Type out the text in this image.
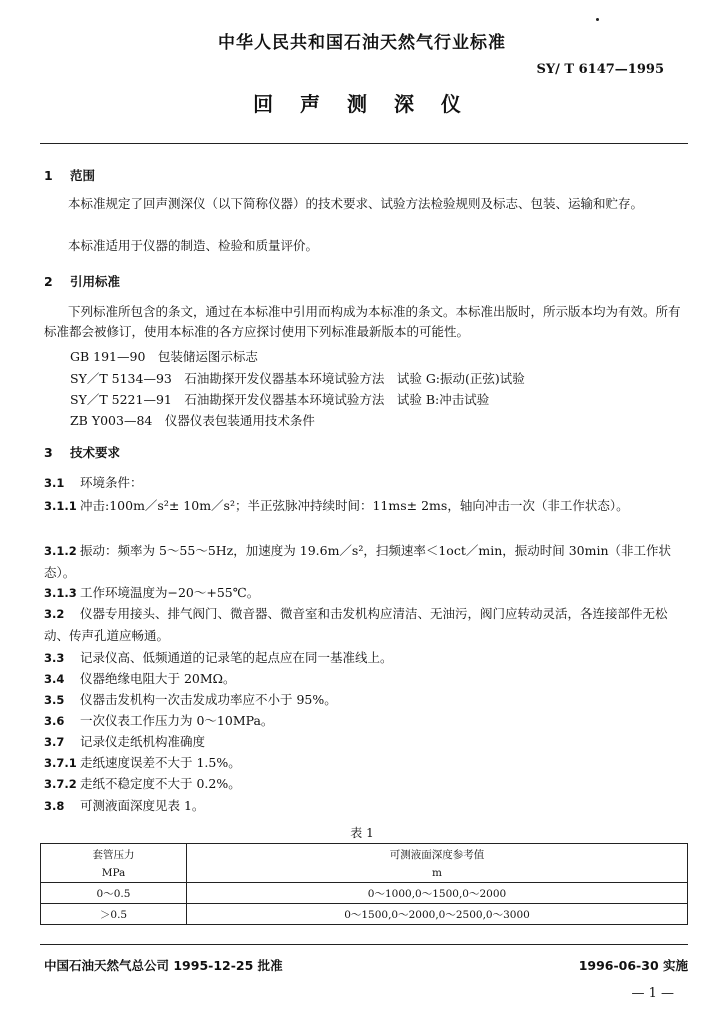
中华人民共和国石油天然气行业标准
SY/ T 6147—1995
回 声 测 深 仪
1 范围
本标准规定了回声测深仪（以下简称仪器）的技术要求、试验方法检验规则及标志、包装、运输和贮存。
本标准适用于仪器的制造、检验和质量评价。
2 引用标准
下列标准所包含的条文，通过在本标准中引用而构成为本标准的条文。本标准出版时，所示版本均为有效。所有标准都会被修订，使用本标准的各方应探讨使用下列标准最新版本的可能性。
GB 191—90　包装储运图示标志
SY／T 5134—93　石油勘探开发仪器基本环境试验方法　试验 G:振动(正弦)试验
SY／T 5221—91　石油勘探开发仪器基本环境试验方法　试验 B:冲击试验
ZB Y003—84　仪器仪表包装通用技术条件
3 技术要求
3.1 环境条件：
3.1.1 冲击:100m／s²± 10m／s²；半正弦脉冲持续时间：11ms± 2ms，轴向冲击一次（非工作状态）。
3.1.2 振动：频率为 5～55～5Hz，加速度为 19.6m／s²，扫频速率＜1oct／min，振动时间 30min（非工作状态）。
3.1.3 工作环境温度为−20～+55℃。
3.2 仪器专用接头、排气阀门、微音器、微音室和击发机构应清洁、无油污，阀门应转动灵活，各连接部件无松动、传声孔道应畅通。
3.3 记录仪高、低频通道的记录笔的起点应在同一基准线上。
3.4 仪器绝缘电阻大于 20MΩ。
3.5 仪器击发机构一次击发成功率应不小于 95%。
3.6 一次仪表工作压力为 0～10MPa。
3.7 记录仪走纸机构准确度
3.7.1 走纸速度误差不大于 1.5%。
3.7.2 走纸不稳定度不大于 0.2%。
3.8 可测液面深度见表 1。
表 1
套管压力	可测液面深度参考值
MPa	m
0～0.5	0～1000,0～1500,0～2000
＞0.5	0～1500,0～2000,0～2500,0～3000
中国石油天然气总公司 1995-12-25 批准	1996-06-30 实施
— 1 —
